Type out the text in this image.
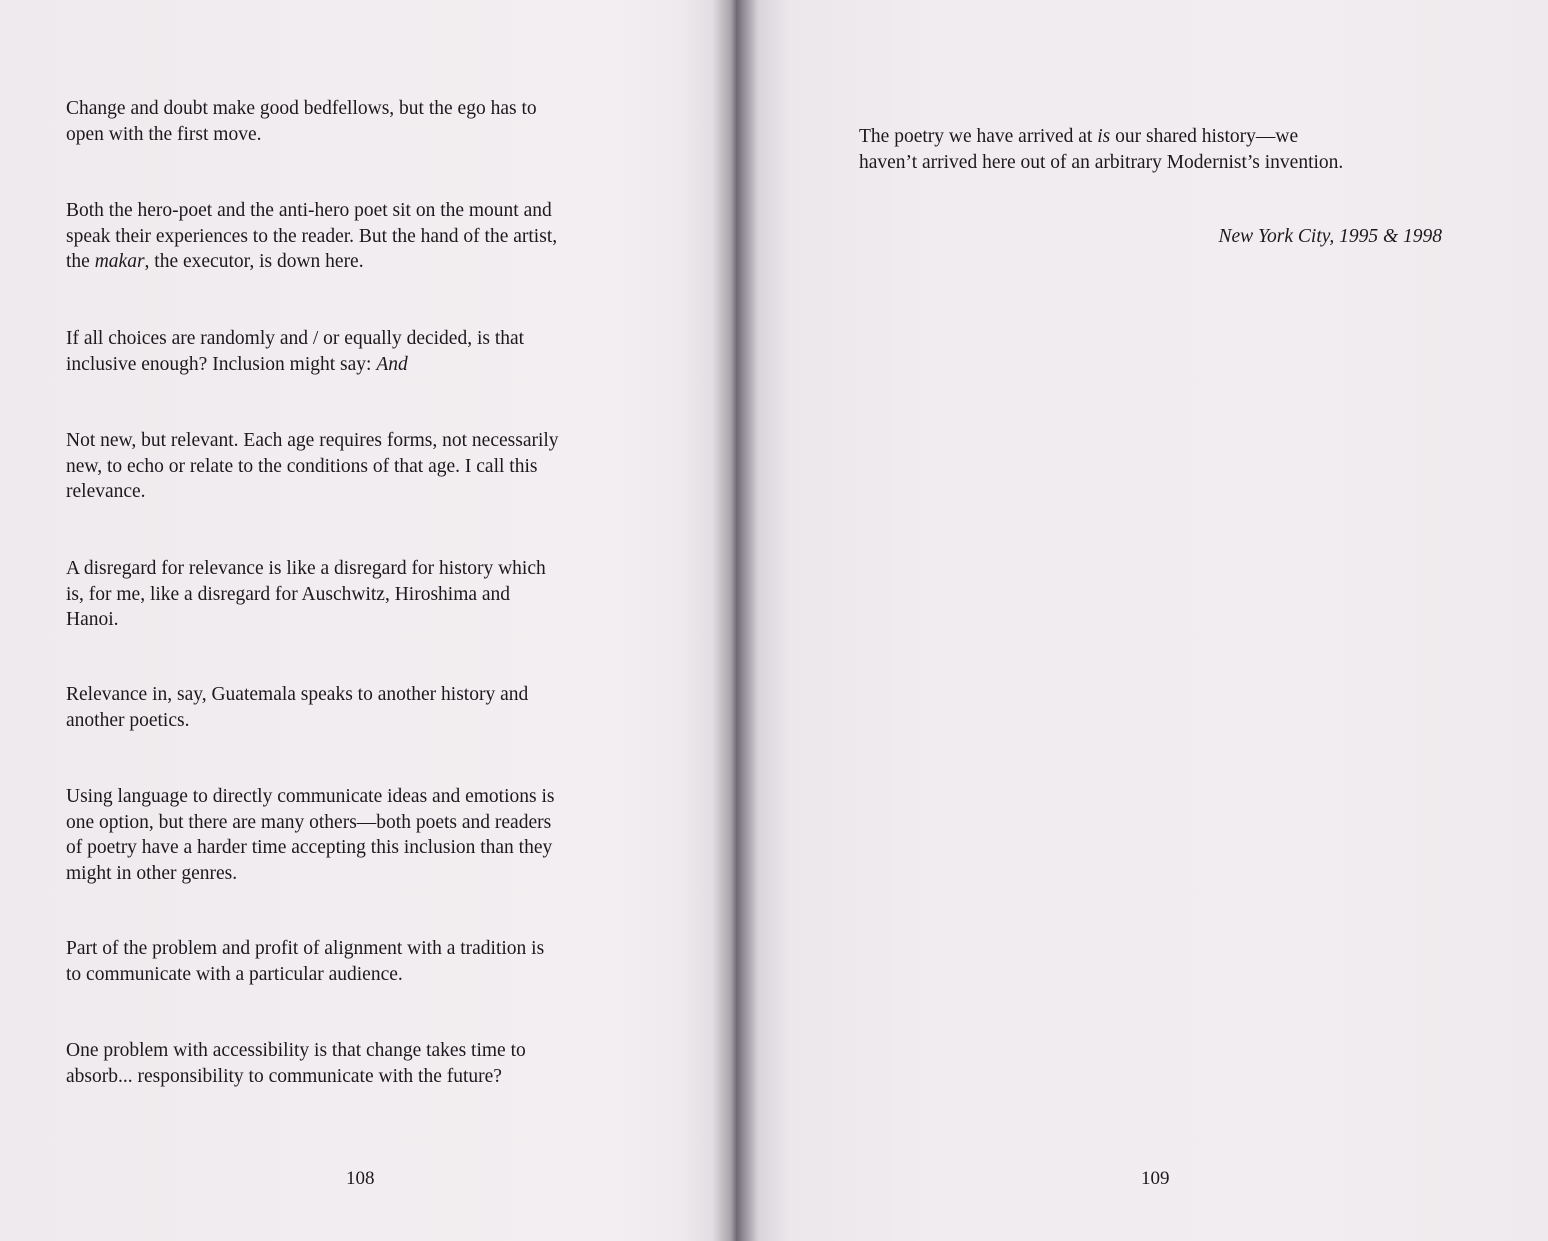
Change and doubt make good bedfellows, but the ego has to
open with the first move.

Both the hero-poet and the anti-hero poet sit on the mount and
speak their experiences to the reader. But the hand of the artist,
the makar, the executor, is down here.

If all choices are randomly and / or equally decided, is that
inclusive enough? Inclusion might say: And

Not new, but relevant. Each age requires forms, not necessarily
new, to echo or relate to the conditions of that age. I call this
relevance.

A disregard for relevance is like a disregard for history which
is, for me, like a disregard for Auschwitz, Hiroshima and
Hanoi.

Relevance in, say, Guatemala speaks to another history and
another poetics.

Using language to directly communicate ideas and emotions is
one option, but there are many others—both poets and readers
of poetry have a harder time accepting this inclusion than they
might in other genres.

Part of the problem and profit of alignment with a tradition is
to communicate with a particular audience.

One problem with accessibility is that change takes time to
absorb... responsibility to communicate with the future?

108

The poetry we have arrived at is our shared history—we
haven’t arrived here out of an arbitrary Modernist’s invention.

New York City, 1995 & 1998

109
